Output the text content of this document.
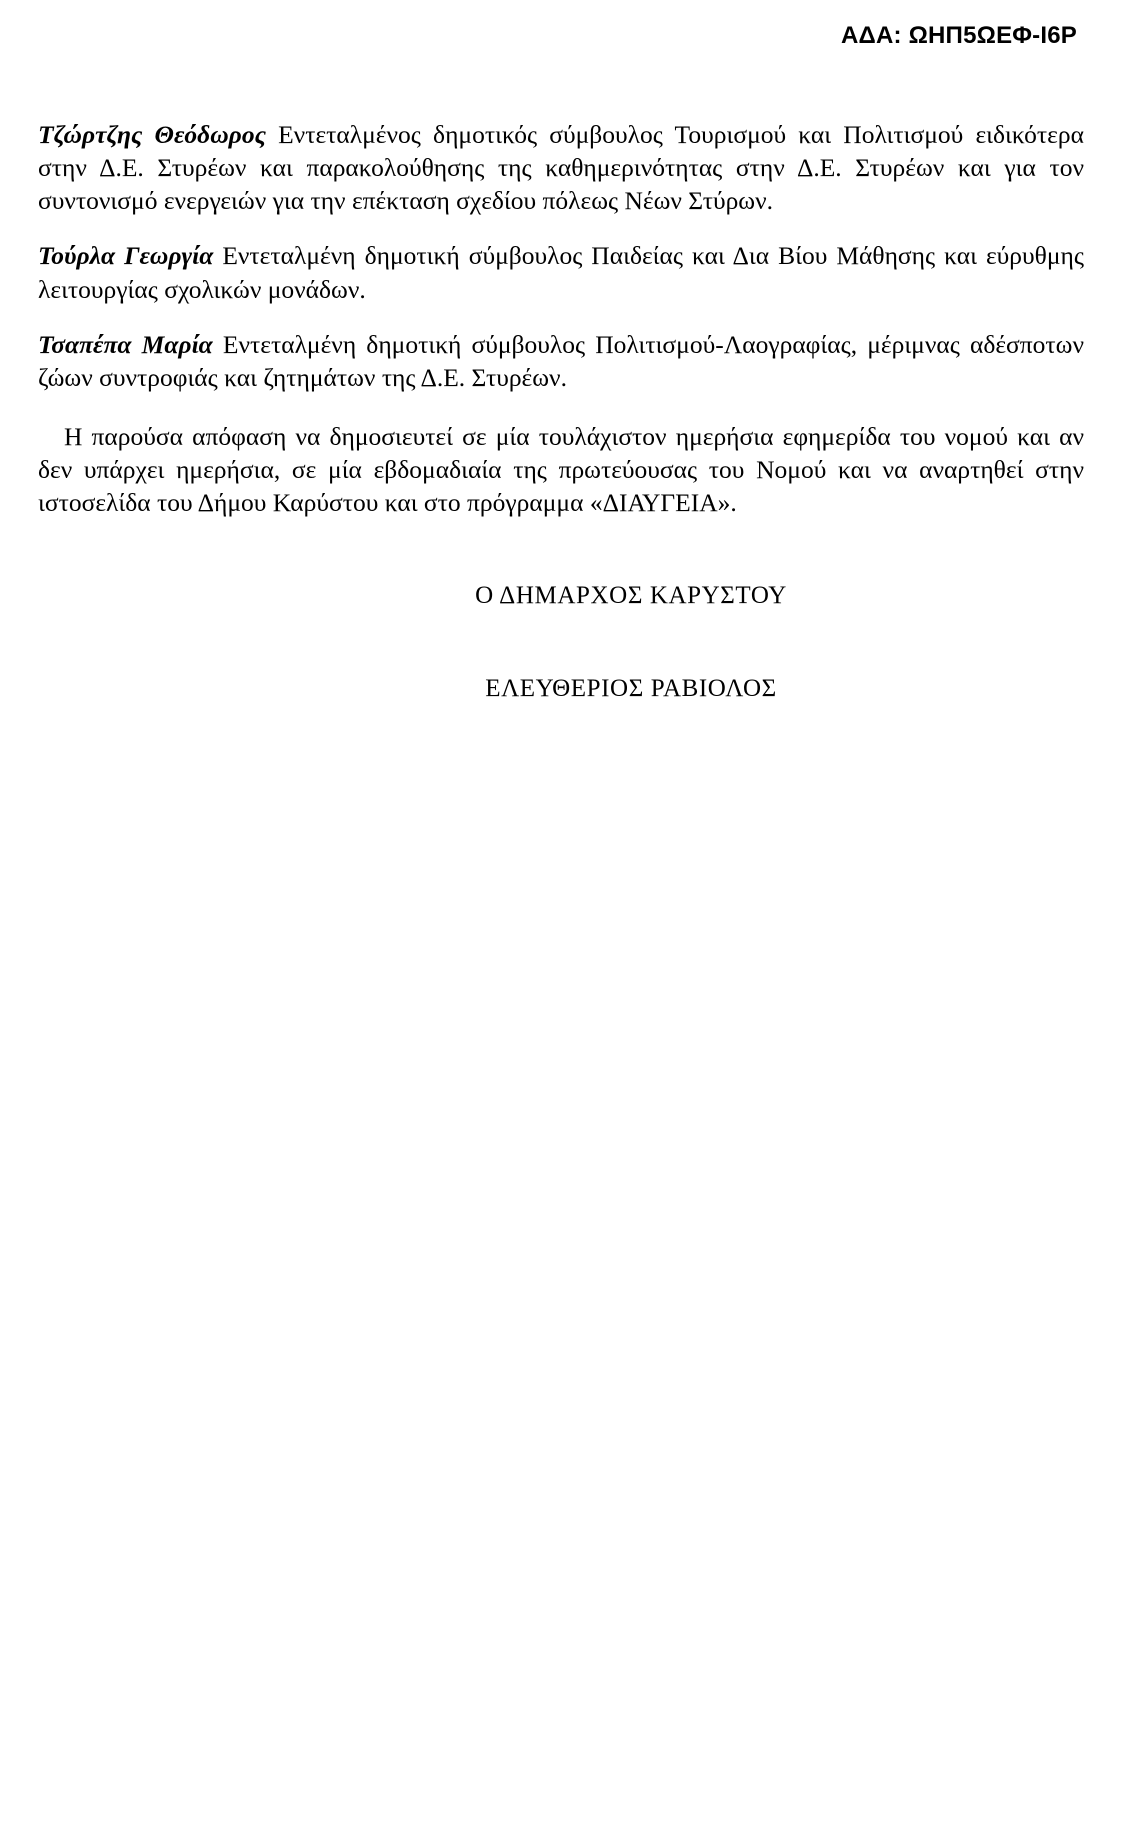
ΑΔΑ: ΩΗΠ5ΩΕΦ-Ι6Ρ

Τζώρτζης Θεόδωρος Εντεταλμένος δημοτικός σύμβουλος Τουρισμού και Πολιτισμού ειδικότερα στην Δ.Ε. Στυρέων και παρακολούθησης της καθημερινότητας στην Δ.Ε. Στυρέων και για τον συντονισμό ενεργειών για την επέκταση σχεδίου πόλεως Νέων Στύρων.

Τούρλα Γεωργία Εντεταλμένη δημοτική σύμβουλος Παιδείας και Δια Βίου Μάθησης και εύρυθμης λειτουργίας σχολικών μονάδων.

Τσαπέπα Μαρία Εντεταλμένη δημοτική σύμβουλος Πολιτισμού-Λαογραφίας, μέριμνας αδέσποτων ζώων συντροφιάς και ζητημάτων της Δ.Ε. Στυρέων.

Η παρούσα απόφαση να δημοσιευτεί σε μία τουλάχιστον ημερήσια εφημερίδα του νομού και αν δεν υπάρχει ημερήσια, σε μία εβδομαδιαία της πρωτεύουσας του Νομού και να αναρτηθεί στην ιστοσελίδα του Δήμου Καρύστου και στο πρόγραμμα «ΔΙΑΥΓΕΙΑ».

Ο ΔΗΜΑΡΧΟΣ ΚΑΡΥΣΤΟΥ
ΕΛΕΥΘΕΡΙΟΣ ΡΑΒΙΟΛΟΣ
